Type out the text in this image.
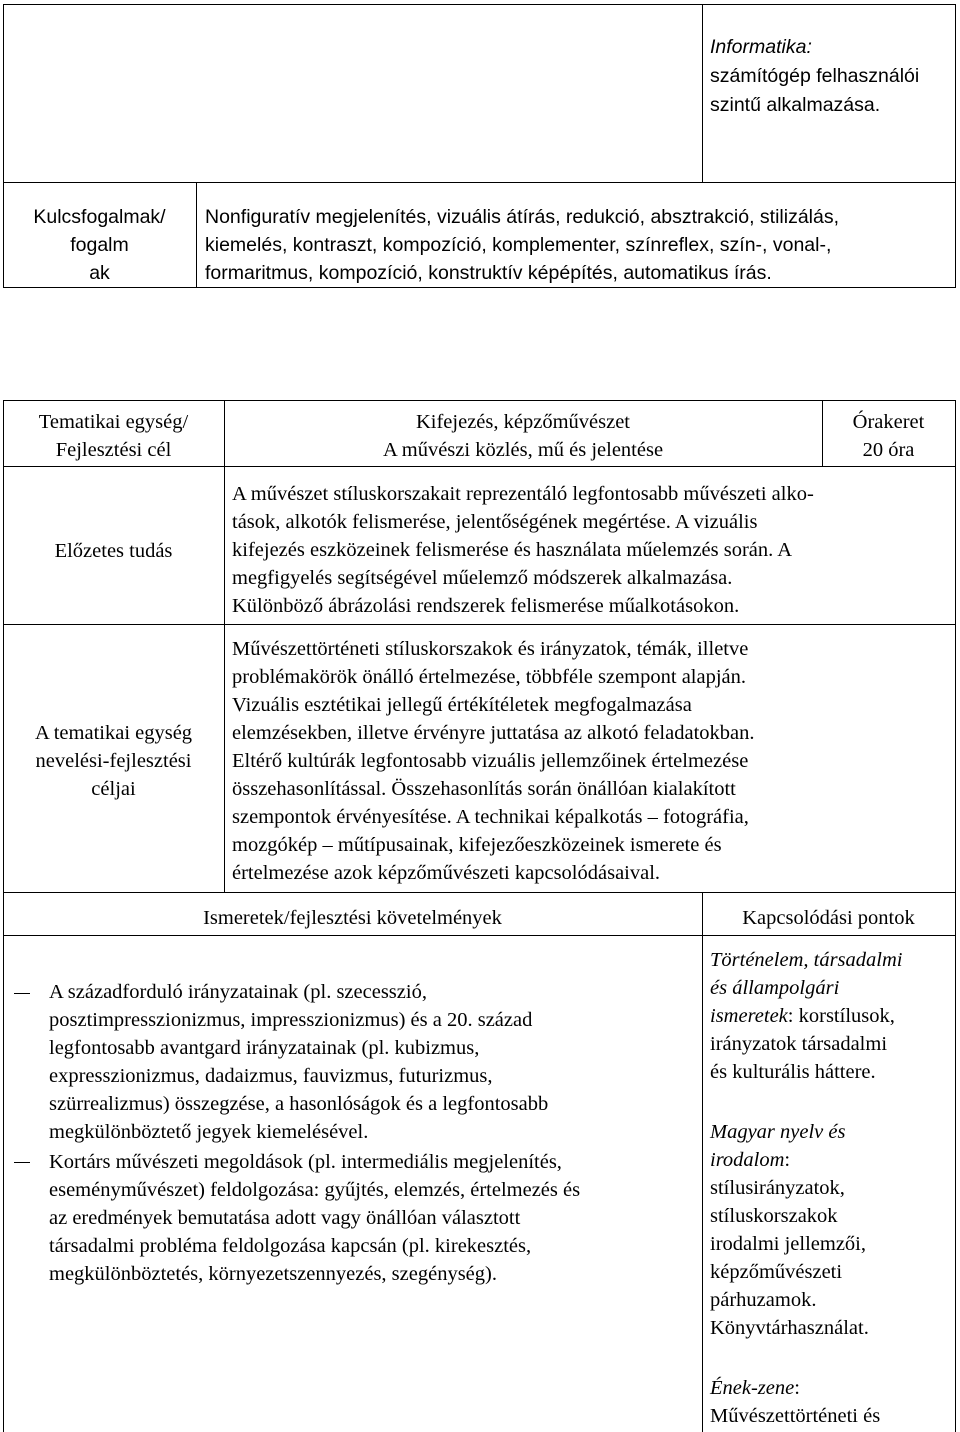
Informatika:
számítógép felhasználói
szintű alkalmazása.
Kulcsfogalmak/
fogalm
ak
Nonfiguratív megjelenítés, vizuális átírás, redukció, absztrakció, stilizálás,
kiemelés, kontraszt, kompozíció, komplementer, színreflex, szín-, vonal-,
formaritmus, kompozíció, konstruktív képépítés, automatikus írás.
Tematikai egység/
Fejlesztési cél
Kifejezés, képzőművészet
A művészi közlés, mű és jelentése
Órakeret
20 óra
Előzetes tudás
A művészet stíluskorszakait reprezentáló legfontosabb művészeti alko-
tások, alkotók felismerése, jelentőségének megértése. A vizuális
kifejezés eszközeinek felismerése és használata műelemzés során. A
megfigyelés segítségével műelemző módszerek alkalmazása.
Különböző ábrázolási rendszerek felismerése műalkotásokon.
A tematikai egység
nevelési-fejlesztési
céljai
Művészettörténeti stíluskorszakok és irányzatok, témák, illetve
problémakörök önálló értelmezése, többféle szempont alapján.
Vizuális esztétikai jellegű értékítéletek megfogalmazása
elemzésekben, illetve érvényre juttatása az alkotó feladatokban.
Eltérő kultúrák legfontosabb vizuális jellemzőinek értelmezése
összehasonlítással. Összehasonlítás során önállóan kialakított
szempontok érvényesítése. A technikai képalkotás – fotográfia,
mozgókép – műtípusainak, kifejezőeszközeinek ismerete és
értelmezése azok képzőművészeti kapcsolódásaival.
Ismeretek/fejlesztési követelmények	Kapcsolódási pontok
A századforduló irányzatainak (pl. szecesszió,
posztimpresszionizmus, impresszionizmus) és a 20. század
legfontosabb avantgard irányzatainak (pl. kubizmus,
expresszionizmus, dadaizmus, fauvizmus, futurizmus,
szürrealizmus) összegzése, a hasonlóságok és a legfontosabb
megkülönböztető jegyek kiemelésével.
Kortárs művészeti megoldások (pl. intermediális megjelenítés,
eseményművészet) feldolgozása: gyűjtés, elemzés, értelmezés és
az eredmények bemutatása adott vagy önállóan választott
társadalmi probléma feldolgozása kapcsán (pl. kirekesztés,
megkülönböztetés, környezetszennyezés, szegénység).
Történelem, társadalmi
és állampolgári
ismeretek: korstílusok,
irányzatok társadalmi
és kulturális háttere.
Magyar nyelv és
irodalom:
stílusirányzatok,
stíluskorszakok
irodalmi jellemzői,
képzőművészeti
párhuzamok.
Könyvtárhasználat.
Ének-zene:
Művészettörténeti és
